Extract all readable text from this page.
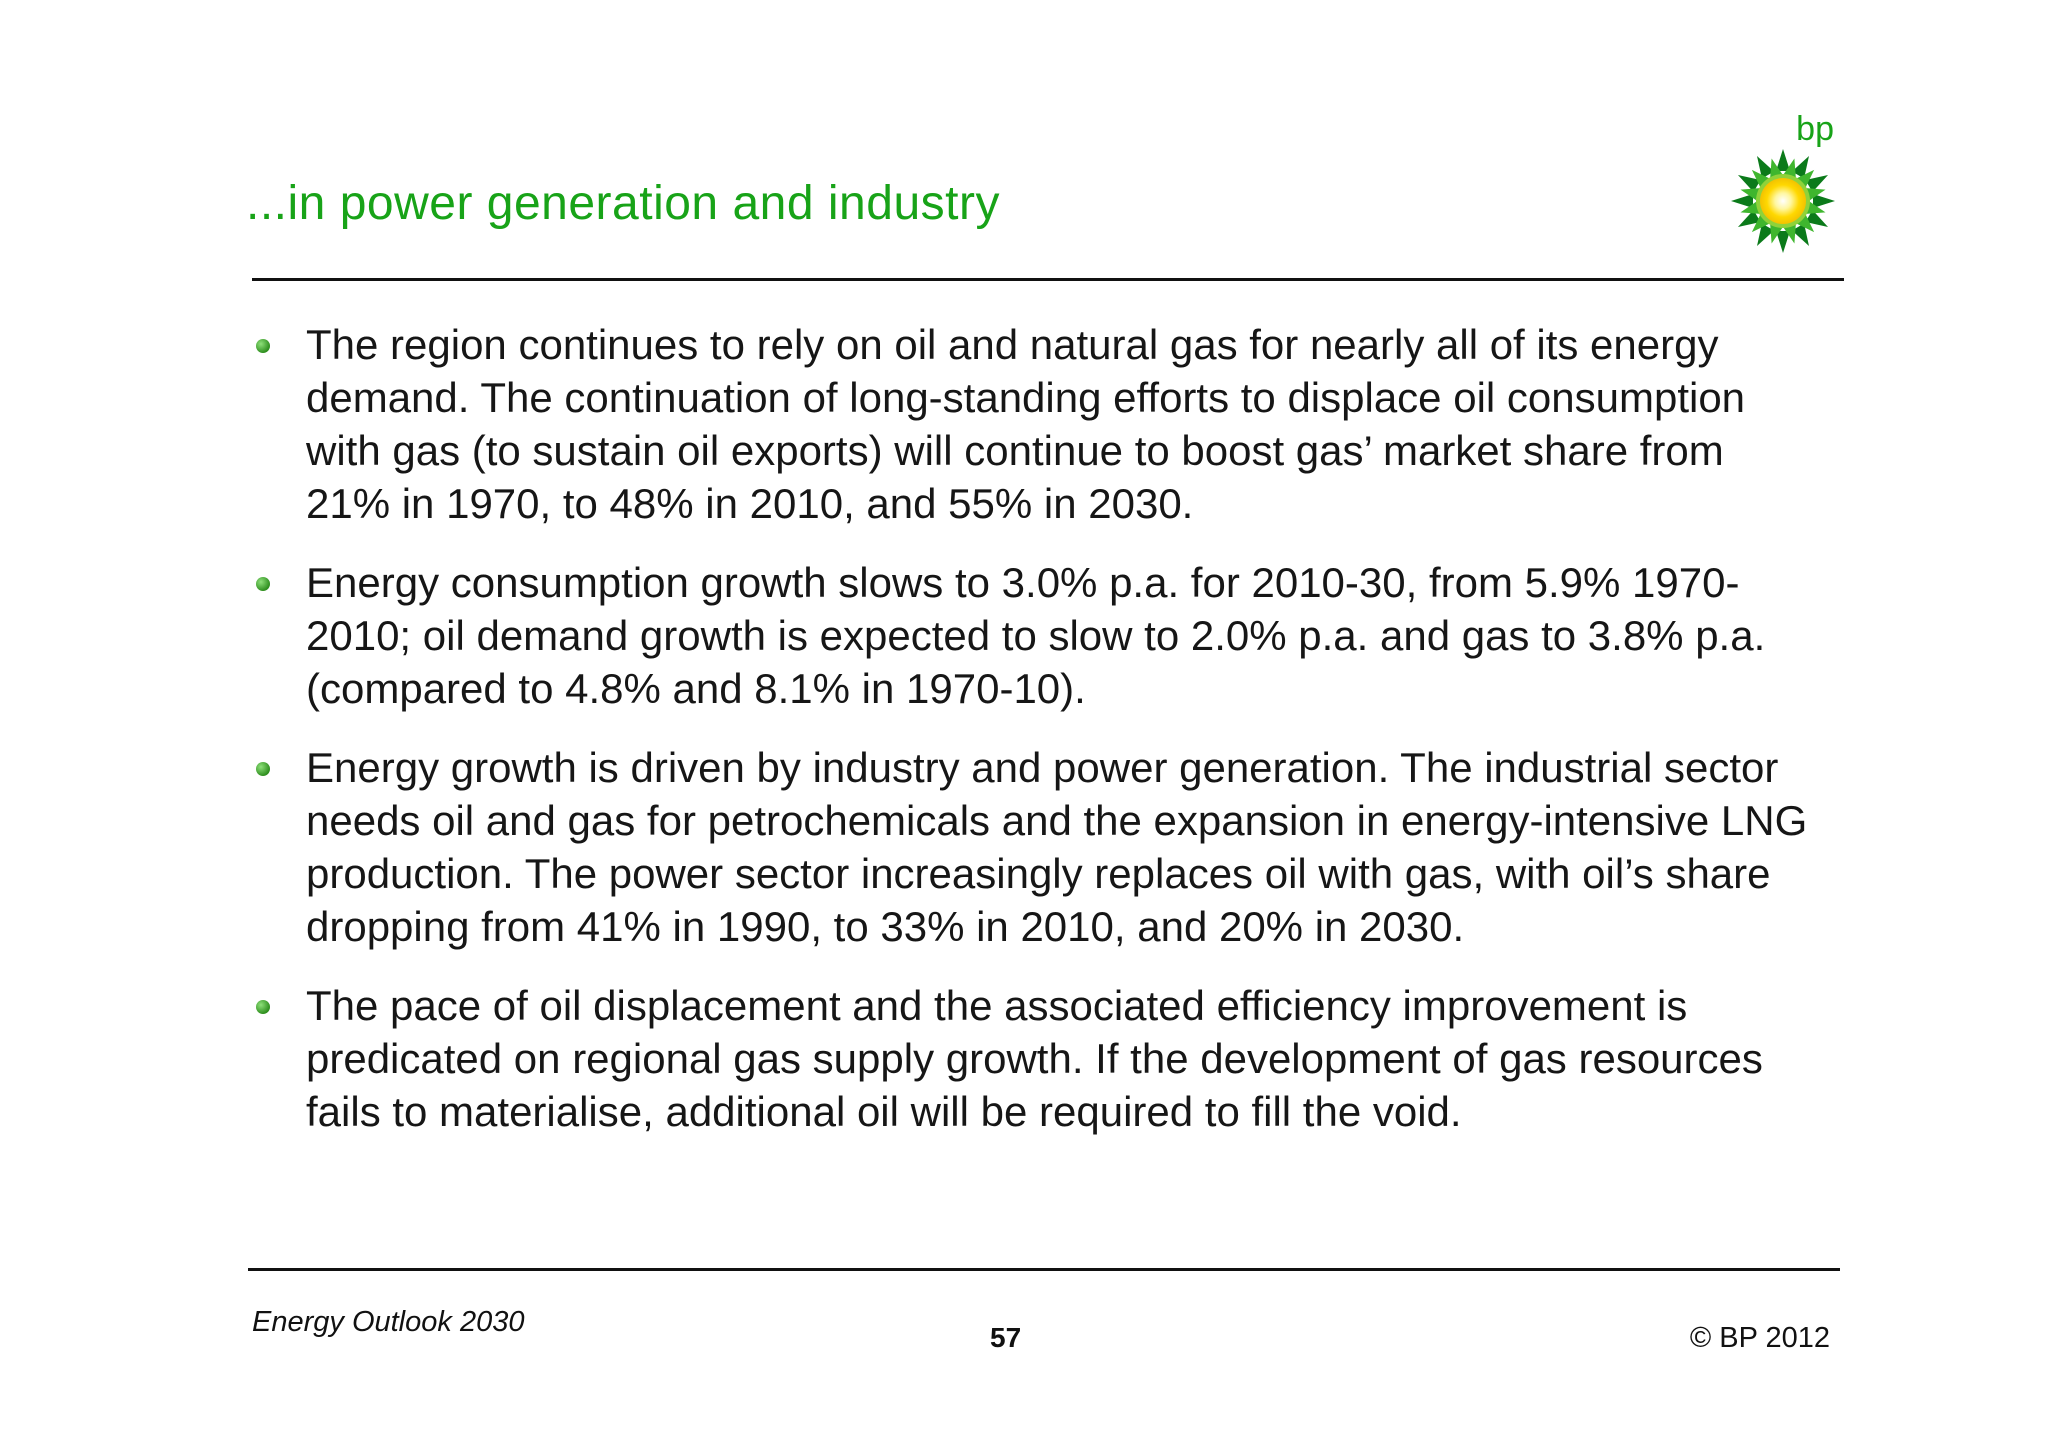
...in power generation and industry
bp
The region continues to rely on oil and natural gas for nearly all of its energy demand. The continuation of long-standing efforts to displace oil consumption with gas (to sustain oil exports) will continue to boost gas’ market share from 21% in 1970, to 48% in 2010, and 55% in 2030.
Energy consumption growth slows to 3.0% p.a. for 2010-30, from 5.9% 1970-2010; oil demand growth is expected to slow to 2.0% p.a. and gas to 3.8% p.a. (compared to 4.8% and 8.1% in 1970-10).
Energy growth is driven by industry and power generation. The industrial sector needs oil and gas for petrochemicals and the expansion in energy-intensive LNG production. The power sector increasingly replaces oil with gas, with oil’s share dropping from 41% in 1990, to 33% in 2010, and 20% in 2030.
The pace of oil displacement and the associated efficiency improvement is predicated on regional gas supply growth. If the development of gas resources fails to materialise, additional oil will be required to fill the void.
Energy Outlook 2030	57	© BP 2012
